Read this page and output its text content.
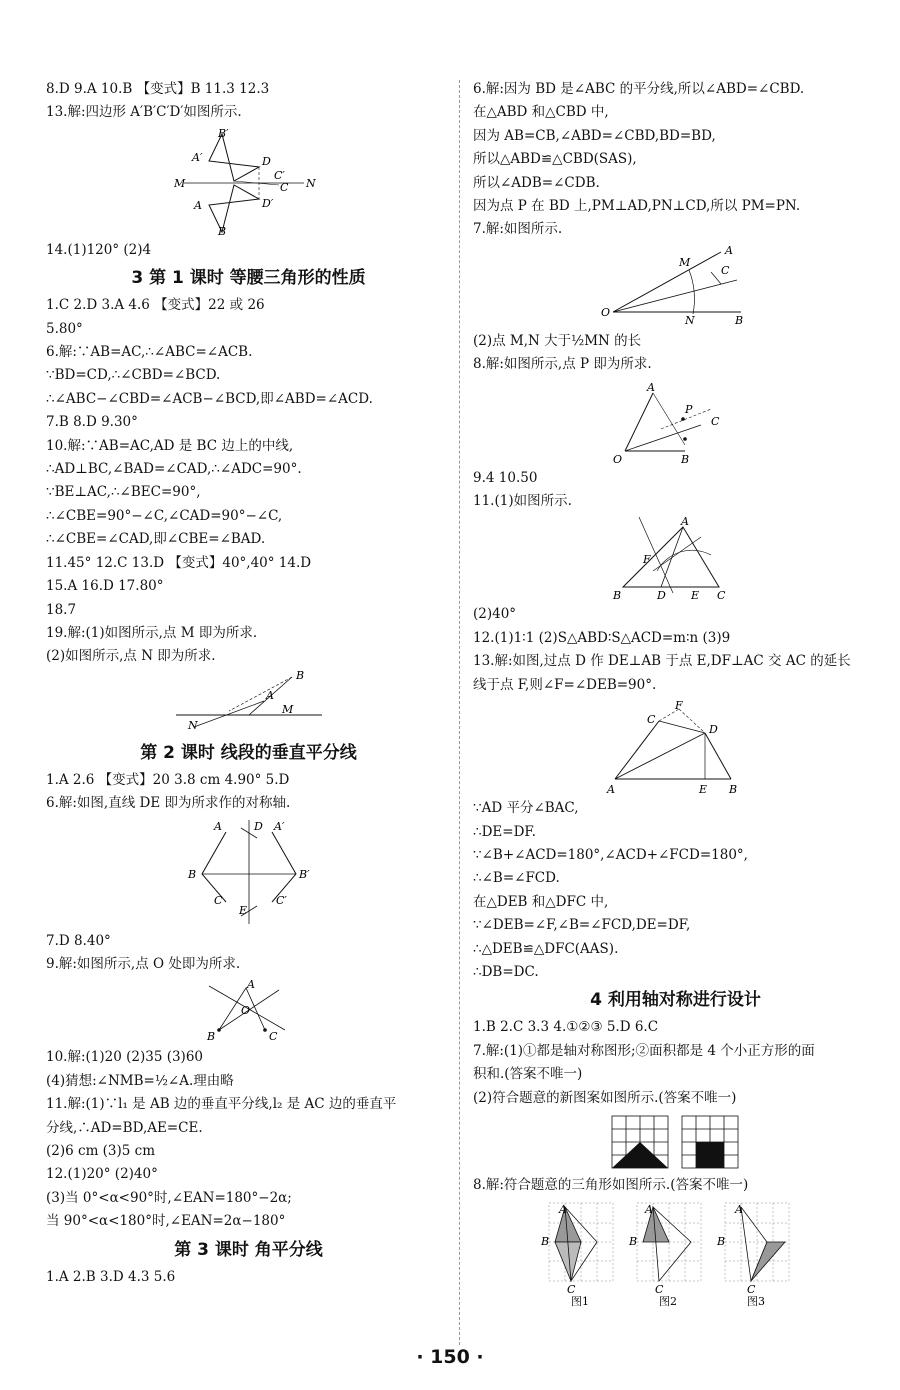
8.D 9.A 10.B 【变式】B 11.3 12.3
13.解:四边形 A′B′C′D′如图所示.
B′
A′	D
M
C′
N
C
A	D′
B
14.(1)120° (2)4
3 第 1 课时 等腰三角形的性质
1.C 2.D 3.A 4.6 【变式】22 或 26
5.80°
6.解:∵AB=AC,∴∠ABC=∠ACB.
∵BD=CD,∴∠CBD=∠BCD.
∴∠ABC−∠CBD=∠ACB−∠BCD,即∠ABD=∠ACD.
7.B 8.D 9.30°
10.解:∵AB=AC,AD 是 BC 边上的中线,
∴AD⊥BC,∠BAD=∠CAD,∴∠ADC=90°.
∵BE⊥AC,∴∠BEC=90°,
∴∠CBE=90°−∠C,∠CAD=90°−∠C,
∴∠CBE=∠CAD,即∠CBE=∠BAD.
11.45° 12.C 13.D 【变式】40°,40° 14.D
15.A 16.D 17.80°
18.7
19.解:(1)如图所示,点 M 即为所求.
(2)如图所示,点 N 即为所求.
B
A
M
N
第 2 课时 线段的垂直平分线
1.A 2.6 【变式】20 3.8 cm 4.90° 5.D
6.解:如图,直线 DE 即为所求作的对称轴.
A	D A′
B	B′
C
E
C′
7.D 8.40°
9.解:如图所示,点 O 处即为所求.
A
O
B	C
10.解:(1)20 (2)35 (3)60
(4)猜想:∠NMB=½∠A.理由略
11.解:(1)∵l₁ 是 AB 边的垂直平分线,l₂ 是 AC 边的垂直平
分线,∴AD=BD,AE=CE.
(2)6 cm (3)5 cm
12.(1)20° (2)40°
(3)当 0°<α<90°时,∠EAN=180°−2α;
当 90°<α<180°时,∠EAN=2α−180°
第 3 课时 角平分线
1.A 2.B 3.D 4.3 5.6
6.解:因为 BD 是∠ABC 的平分线,所以∠ABD=∠CBD.
在△ABD 和△CBD 中,
因为 AB=CB,∠ABD=∠CBD,BD=BD,
所以△ABD≌△CBD(SAS),
所以∠ADB=∠CDB.
因为点 P 在 BD 上,PM⊥AD,PN⊥CD,所以 PM=PN.
7.解:如图所示.
A
M
C
O
N	B
(2)点 M,N 大于½MN 的长
8.解:如图所示,点 P 即为所求.
A
P
C
O	B
9.4 10.50
11.(1)如图所示.
A
F
B	D E C
(2)40°
12.(1)1∶1 (2)S△ABD∶S△ACD=m∶n (3)9
13.解:如图,过点 D 作 DE⊥AB 于点 E,DF⊥AC 交 AC 的延长
线于点 F,则∠F=∠DEB=90°.
F
C
D
A	E B
∵AD 平分∠BAC,
∴DE=DF.
∵∠B+∠ACD=180°,∠ACD+∠FCD=180°,
∴∠B=∠FCD.
在△DEB 和△DFC 中,
∵∠DEB=∠F,∠B=∠FCD,DE=DF,
∴△DEB≌△DFC(AAS).
∴DB=DC.
4 利用轴对称进行设计
1.B 2.C 3.3 4.①②③ 5.D 6.C
7.解:(1)①都是轴对称图形;②面积都是 4 个小正方形的面
积和.(答案不唯一)
(2)符合题意的新图案如图所示.(答案不唯一)
8.解:符合题意的三角形如图所示.(答案不唯一)
A
B
C
A
B
C
A
B
C
图1	图2	图3
· 150 ·
